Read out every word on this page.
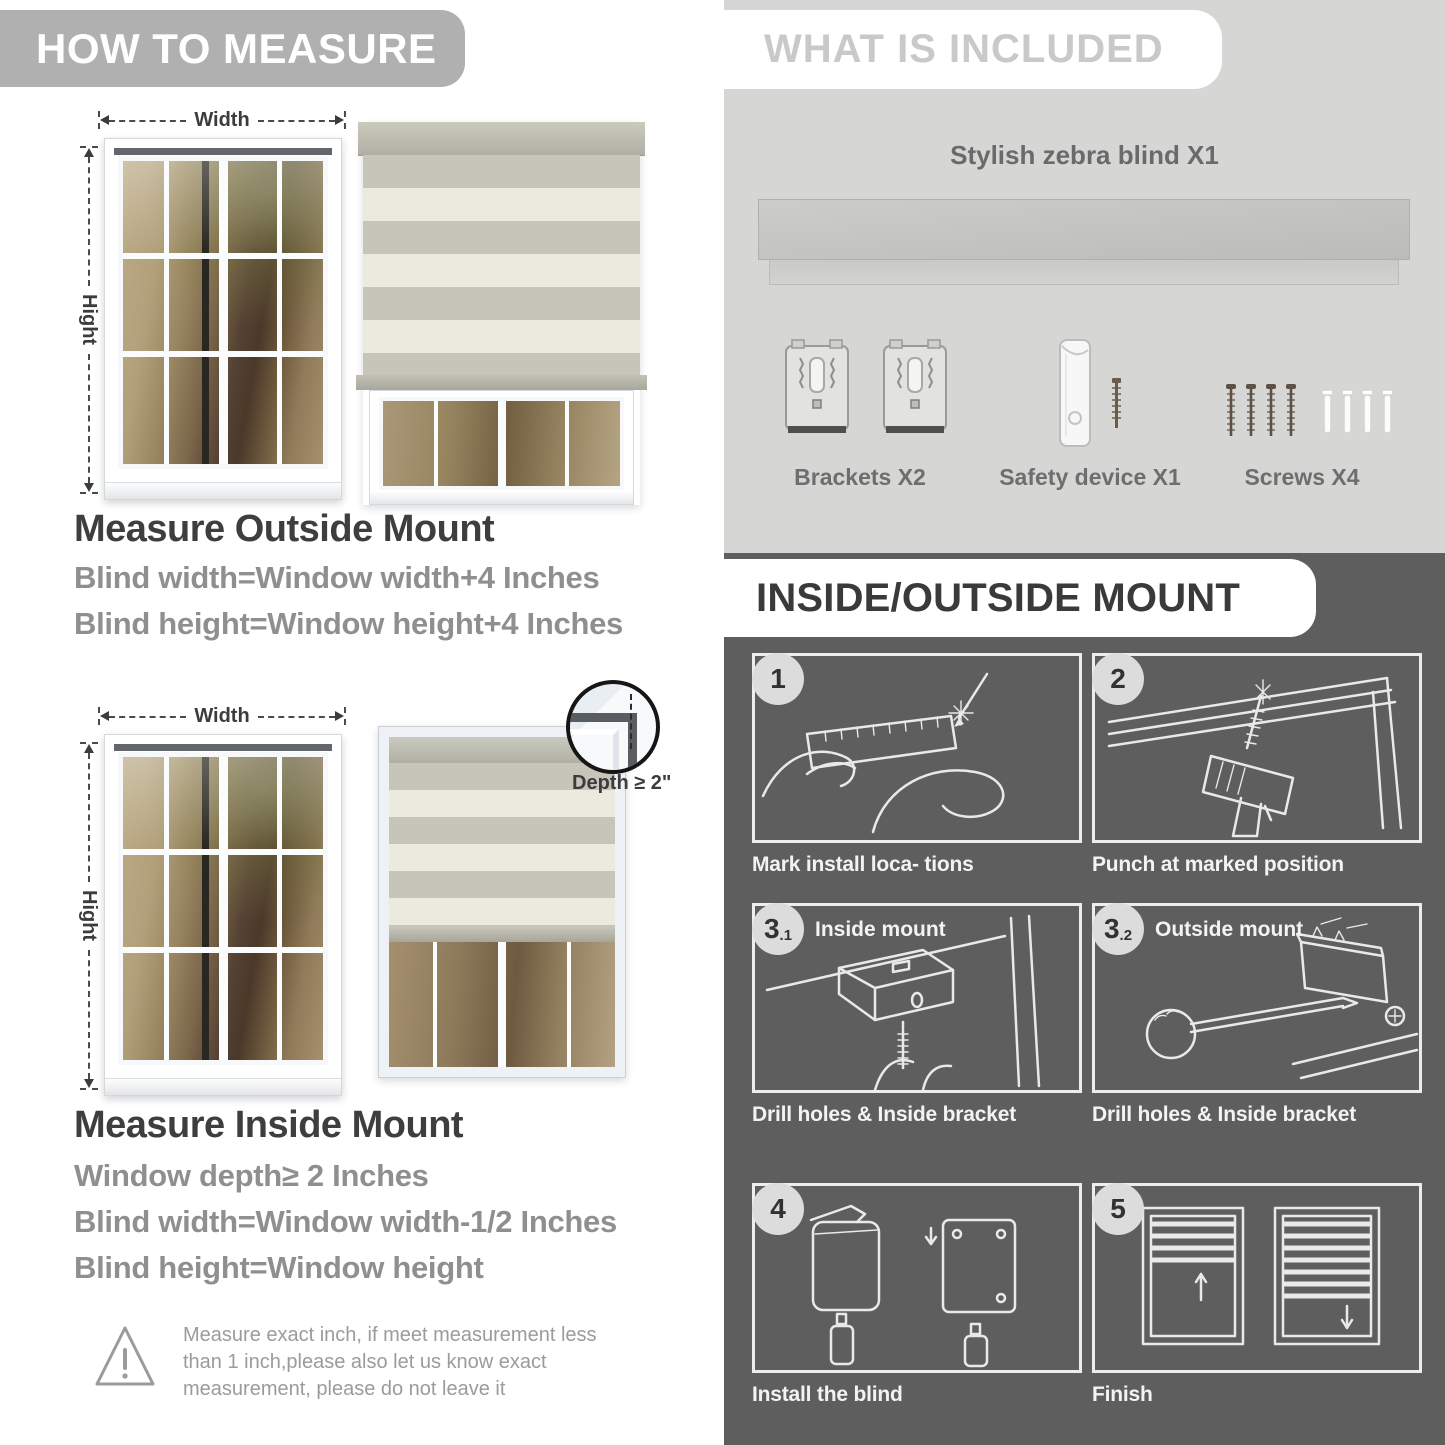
HOW TO MEASURE
Width
Hight
Measure Outside Mount
Blind width=Window width+4 Inches
Blind height=Window height+4 Inches
Width
Hight
Depth ≥ 2"
Measure Inside Mount
Window depth≥ 2 Inches
Blind width=Window width-1/2 Inches
Blind height=Window height
Measure exact inch, if meet measurement less
than 1 inch,please also let us know exact
measurement, please do not leave it
WHAT IS INCLUDED
Stylish zebra blind X1
Brackets X2	Safety device X1	Screws X4
INSIDE/OUTSIDE MOUNT
1
Mark install loca- tions
2
Punch at marked position
3 .1 Inside mount
Drill holes & Inside bracket
3 .2 Outside mount
Drill holes & Inside bracket
4
Install the blind
5
Finish
